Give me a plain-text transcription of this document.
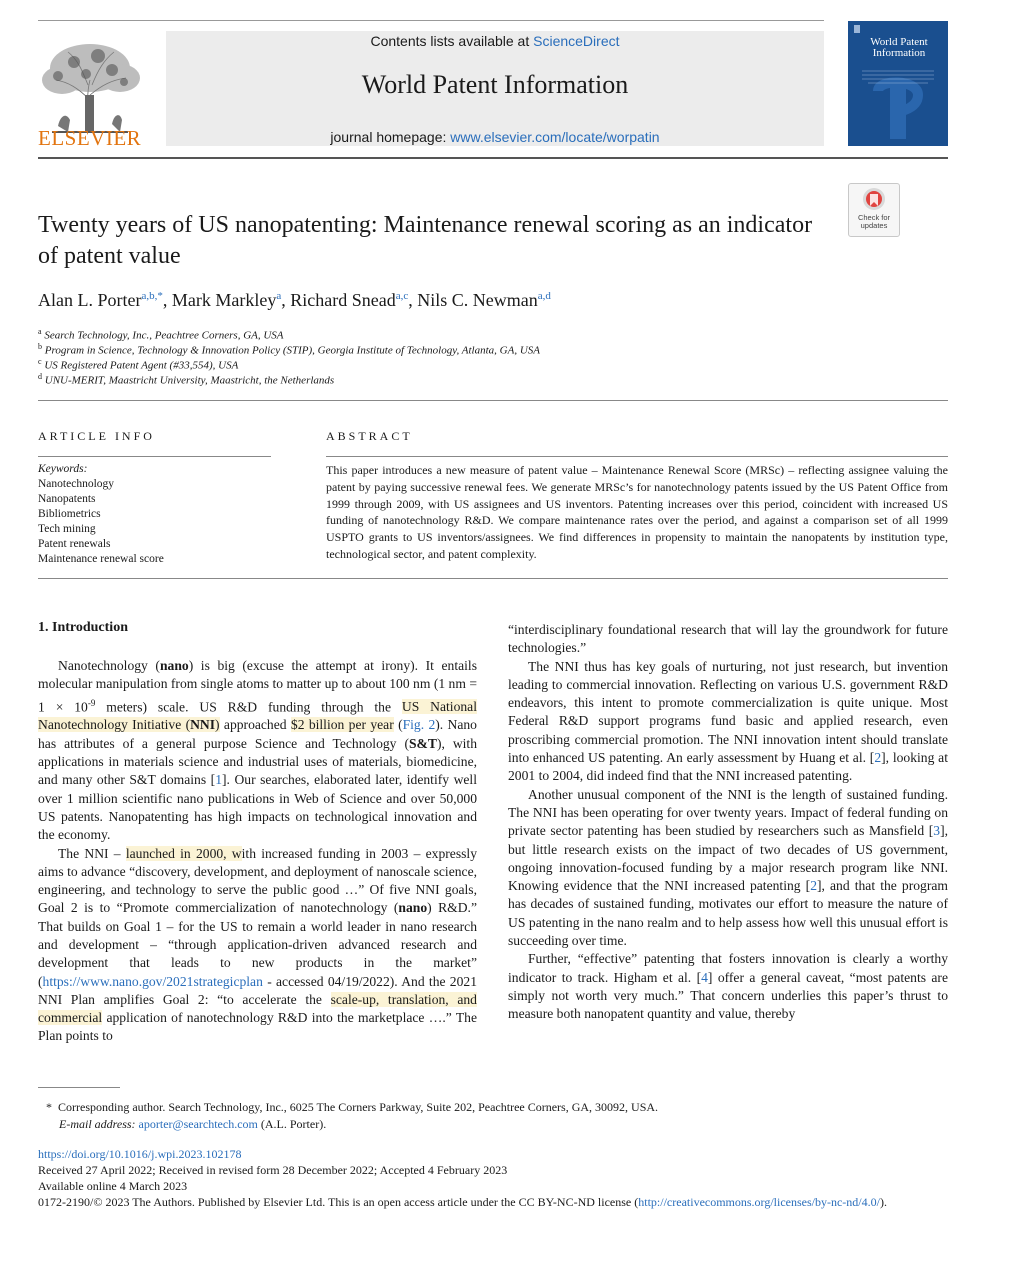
ELSEVIER
Contents lists available at ScienceDirect
World Patent Information
journal homepage: www.elsevier.com/locate/worpatin
World Patent Information
Check for updates
Twenty years of US nanopatenting: Maintenance renewal scoring as an indicator of patent value
Alan L. Porter$^{a,b,*}$, Mark Markley$^a$, Richard Snead$^{a,c}$, Nils C. Newman$^{a,d}$
$^a$ Search Technology, Inc., Peachtree Corners, GA, USA
$^b$ Program in Science, Technology & Innovation Policy (STIP), Georgia Institute of Technology, Atlanta, GA, USA
$^c$ US Registered Patent Agent (#33,554), USA
$^d$ UNU-MERIT, Maastricht University, Maastricht, the Netherlands
ARTICLE INFO	ABSTRACT
Keywords:
Nanotechnology
Nanopatents
Bibliometrics
Tech mining
Patent renewals
Maintenance renewal score
This paper introduces a new measure of patent value – Maintenance Renewal Score (MRSc) – reflecting assignee valuing the patent by paying successive renewal fees. We generate MRSc’s for nanotechnology patents issued by the US Patent Office from 1999 through 2009, with US assignees and US inventors. Patenting increases over this period, coincident with increased US funding of nanotechnology R&D. We compare maintenance rates over the period, and against a comparison set of all 1999 USPTO grants to US inventors/assignees. We find differences in propensity to maintain the nanopatents by institution type, technological sector, and patent complexity.
1. Introduction

Nanotechnology (nano) is big (excuse the attempt at irony). It entails molecular manipulation from single atoms to matter up to about 100 nm (1 nm = $1 \times 10^{-9}$ meters) scale. US R&D funding through the US National Nanotechnology Initiative (NNI) approached $2 billion per year (Fig. 2). Nano has attributes of a general purpose Science and Technology (S&T), with applications in materials science and industrial uses of materials, biomedicine, and many other S&T domains [1]. Our searches, elaborated later, identify well over 1 million scientific nano publications in Web of Science and over 50,000 US patents. Nanopatenting has high impacts on technological innovation and the economy.

The NNI – launched in 2000, with increased funding in 2003 – expressly aims to advance “discovery, development, and deployment of nanoscale science, engineering, and technology to serve the public good …” Of five NNI goals, Goal 2 is to “Promote commercialization of nanotechnology (nano) R&D.” That builds on Goal 1 – for the US to remain a world leader in nano research and development – “through application-driven advanced research and development that leads to new products in the market” (https://www.nano.gov/2021strategicplan - accessed 04/19/2022). And the 2021 NNI Plan amplifies Goal 2: “to accelerate the scale-up, translation, and commercial application of nanotechnology R&D into the marketplace ….” The Plan points to

“interdisciplinary foundational research that will lay the groundwork for future technologies.”

The NNI thus has key goals of nurturing, not just research, but invention leading to commercial innovation. Reflecting on various U.S. government R&D endeavors, this intent to promote commercialization is quite unique. Most Federal R&D support programs fund basic and applied research, even proscribing commercial promotion. The NNI innovation intent should translate into enhanced US patenting. An early assessment by Huang et al. [2], looking at 2001 to 2004, did indeed find that the NNI increased patenting.

Another unusual component of the NNI is the length of sustained funding. The NNI has been operating for over twenty years. Impact of federal funding on private sector patenting has been studied by researchers such as Mansfield [3], but little research exists on the impact of two decades of US government, ongoing innovation-focused funding by a major research program like NNI. Knowing evidence that the NNI increased patenting [2], and that the program has decades of sustained funding, motivates our effort to measure the nature of US patenting in the nano realm and to help assess how well this unusual effort is succeeding over time.

Further, “effective” patenting that fosters innovation is clearly a worthy indicator to track. Higham et al. [4] offer a general caveat, “most patents are simply not worth very much.” That concern underlies this paper’s thrust to measure both nanopatent quantity and value, thereby

* Corresponding author. Search Technology, Inc., 6025 The Corners Parkway, Suite 202, Peachtree Corners, GA, 30092, USA.
E-mail address: aporter@searchtech.com (A.L. Porter).
https://doi.org/10.1016/j.wpi.2023.102178
Received 27 April 2022; Received in revised form 28 December 2022; Accepted 4 February 2023
Available online 4 March 2023
0172-2190/© 2023 The Authors. Published by Elsevier Ltd. This is an open access article under the CC BY-NC-ND license (http://creativecommons.org/licenses/by-nc-nd/4.0/).
